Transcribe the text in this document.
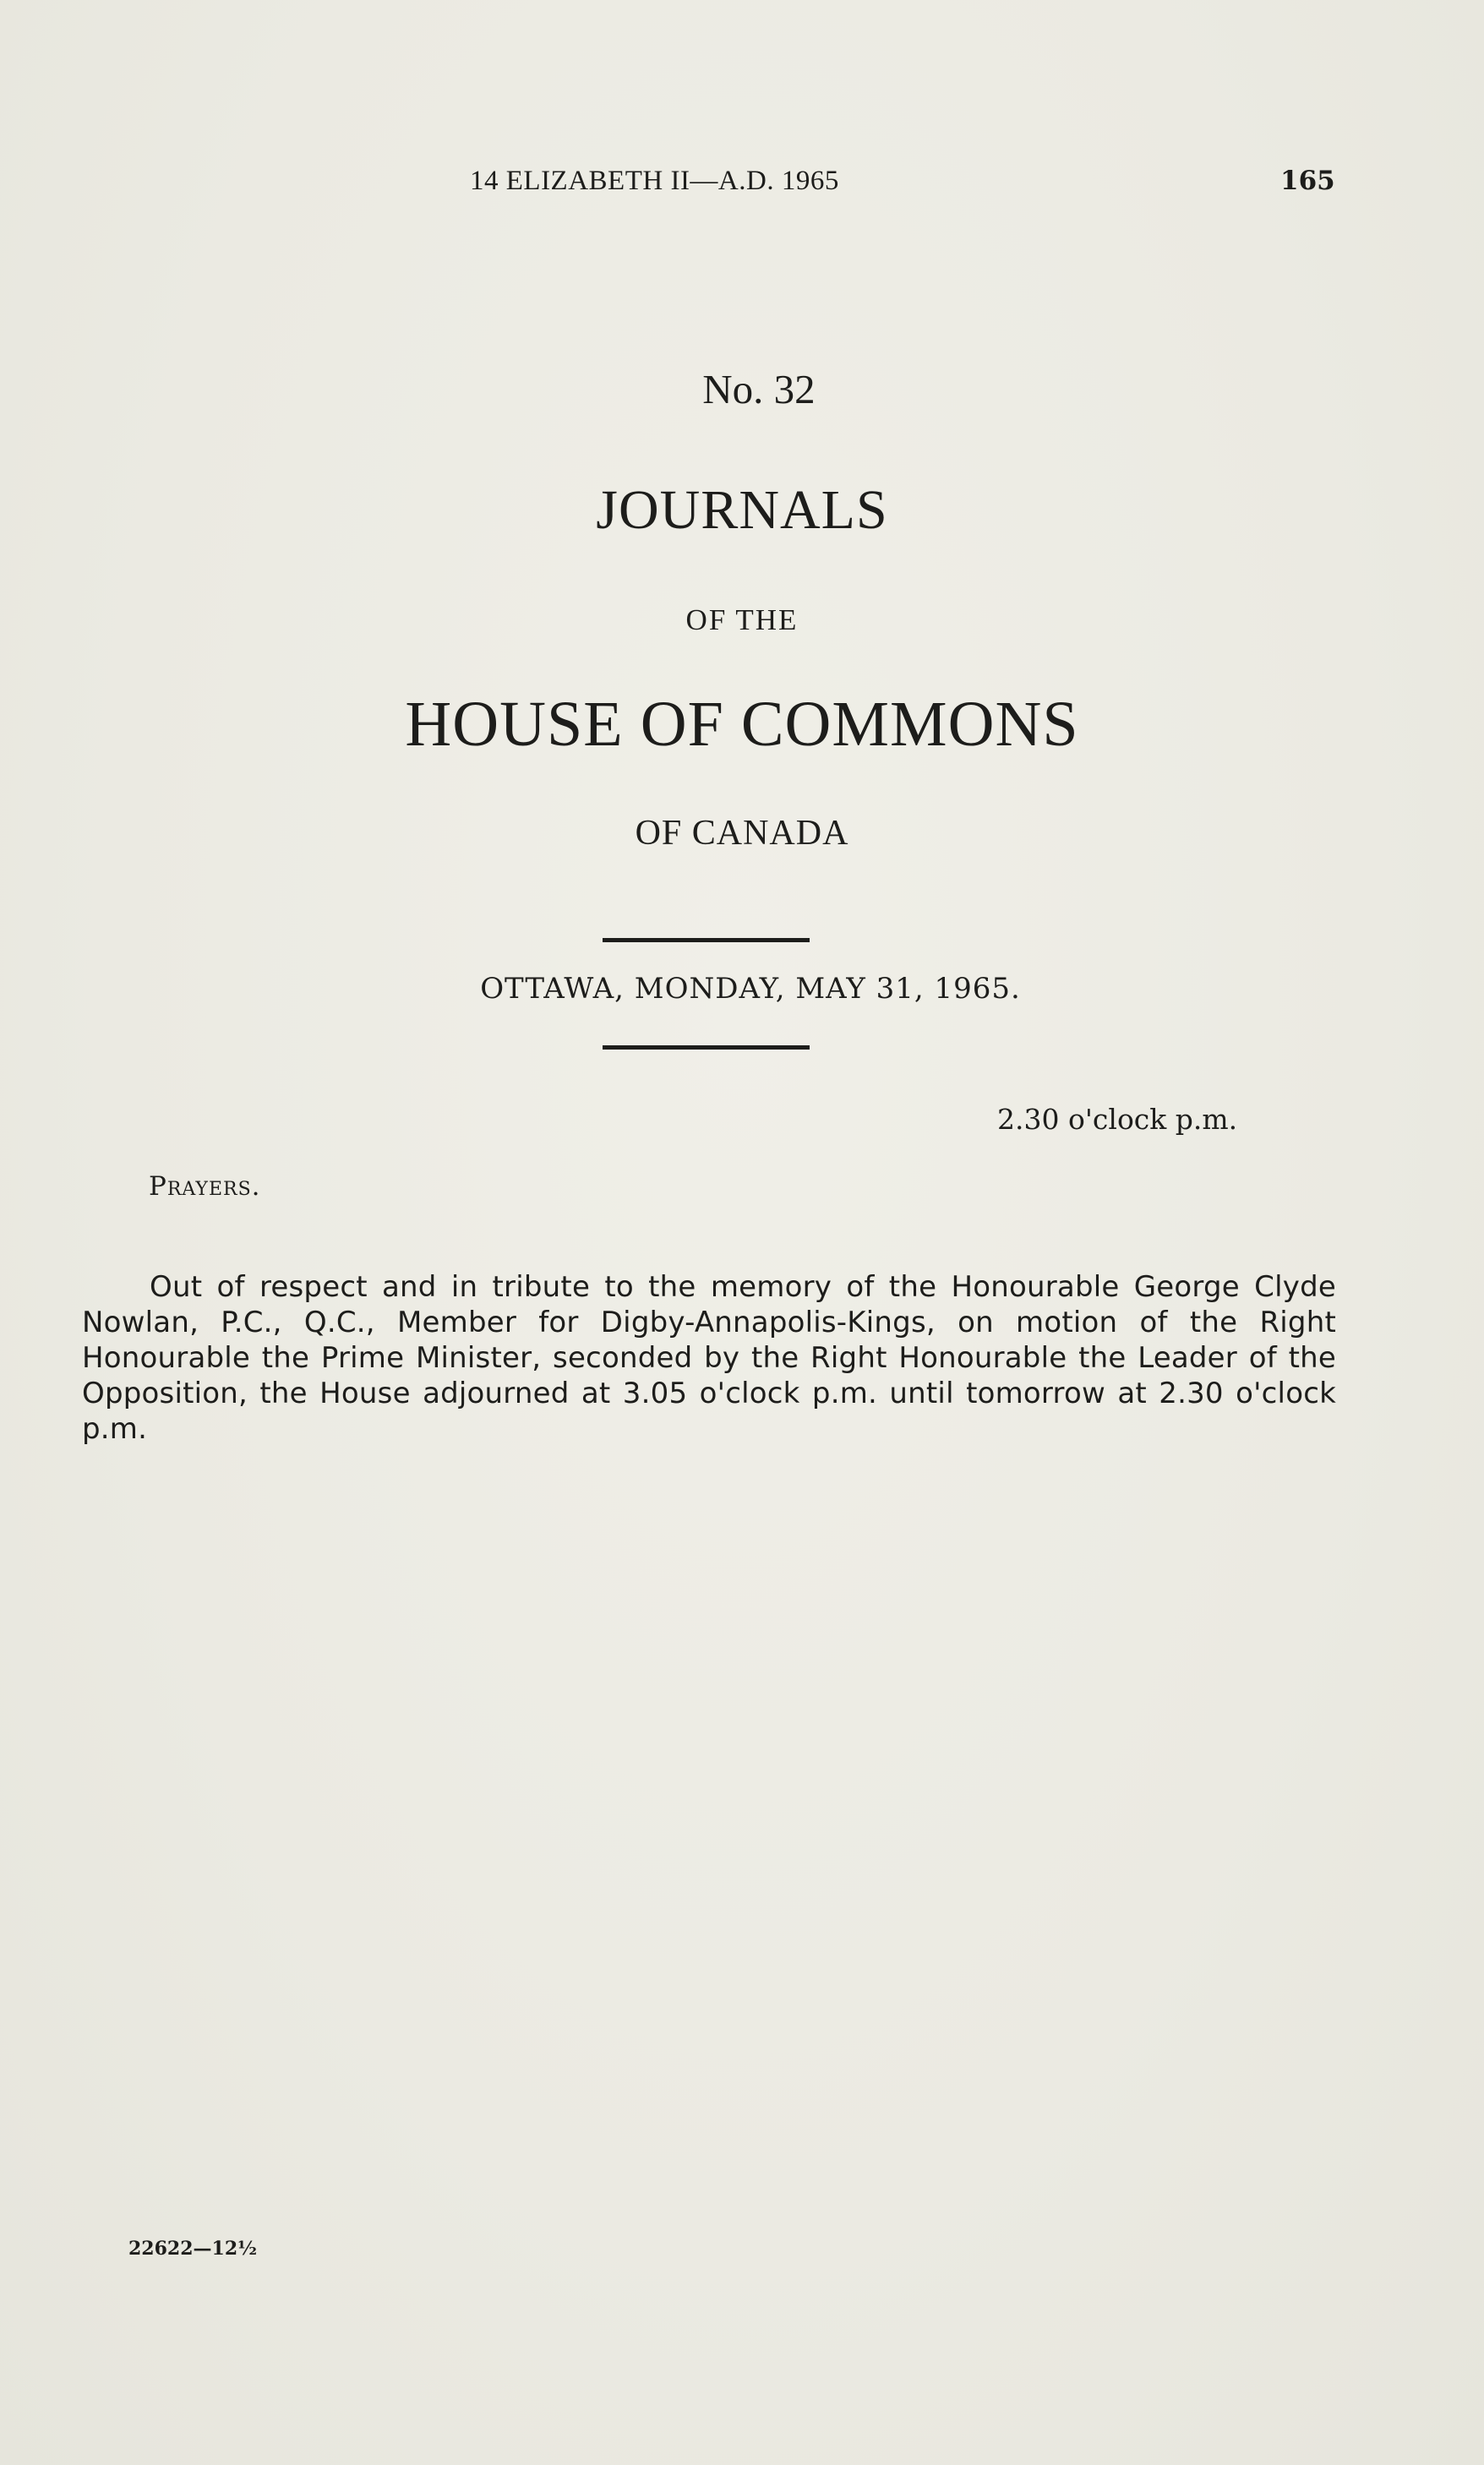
14 ELIZABETH II—A.D. 1965	165
No. 32
JOURNALS
OF THE
HOUSE OF COMMONS
OF CANADA
OTTAWA, MONDAY, MAY 31, 1965.
2.30 o'clock p.m.
Prayers.

Out of respect and in tribute to the memory of the Honourable George Clyde Nowlan, P.C., Q.C., Member for Digby-Annapolis-Kings, on motion of the Right Honourable the Prime Minister, seconded by the Right Honourable the Leader of the Opposition, the House adjourned at 3.05 o'clock p.m. until tomorrow at 2.30 o'clock p.m.

22622—12½
